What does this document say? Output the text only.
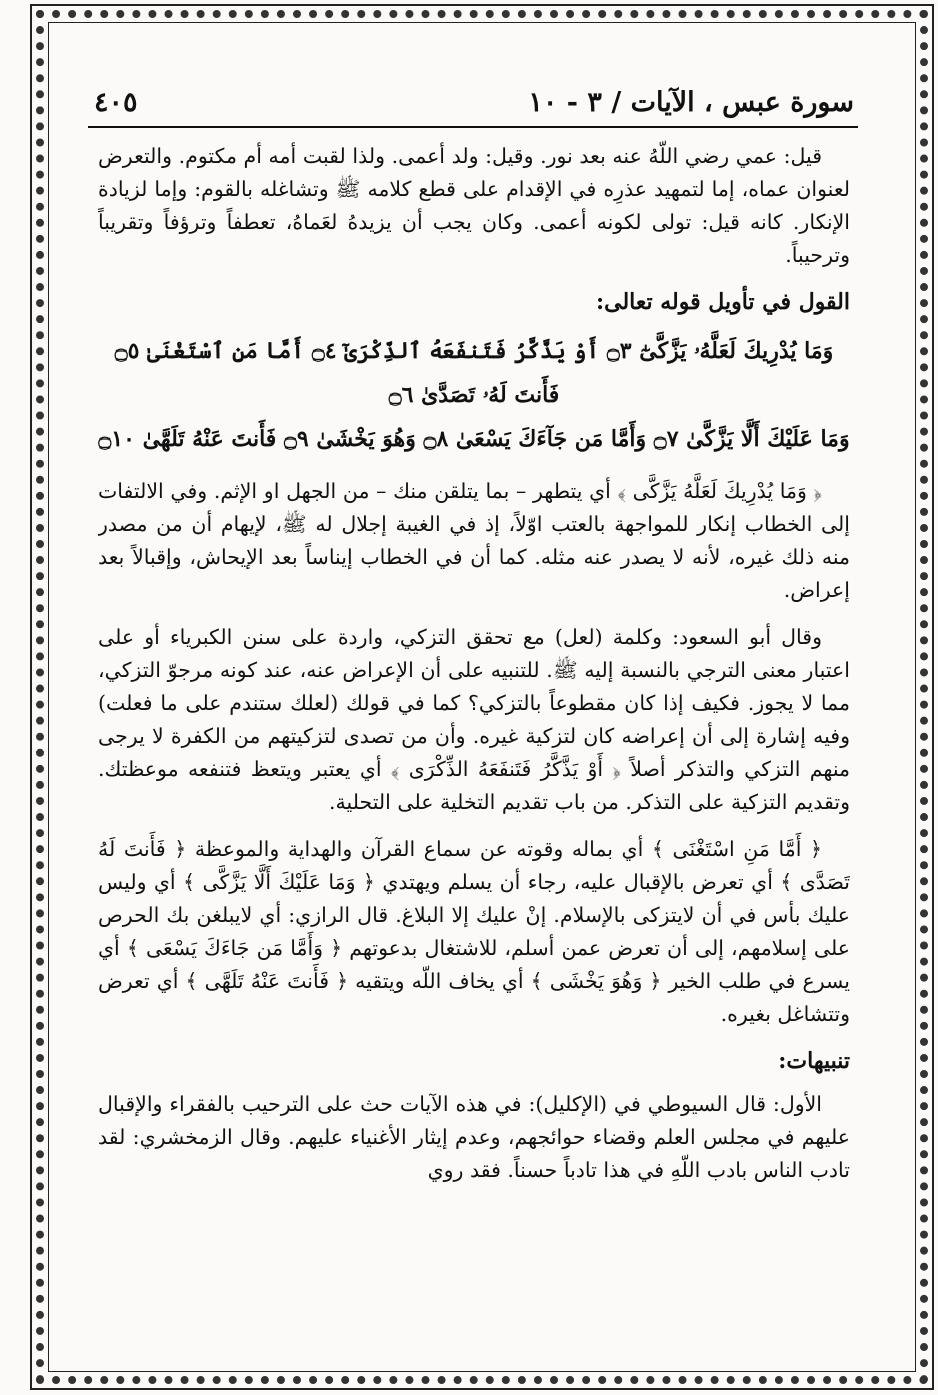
سورة عبس ، الآيات / ٣ - ١٠
٤٠٥

قيل: عمي رضي اللّهُ عنه بعد نور. وقيل: ولد أعمى. ولذا لقبت أمه أم مكتوم. والتعرض لعنوان عماه، إما لتمهيد عذرِه في الإقدام على قطع كلامه ﷺ وتشاغله بالقوم: وإما لزيادة الإنكار. كانه قيل: تولى لكونه أعمى. وكان يجب أن يزيدهُ لعَماهُ، تعطفاً وترؤفاً وتقريباً وترحيباً.

القول في تأويل قوله تعالى:
وَمَا يُدْرِيكَ لَعَلَّهُۥ يَزَّكَّىٰٓ ۝٣ أَوْ يَذَّكَّرُ فَتَنفَعَهُ ٱلذِّكْرَىٰٓ ۝٤ أَمَّا مَنِ ٱسْتَغْنَىٰ ۝٥ فَأَنتَ لَهُۥ تَصَدَّىٰ ۝٦
وَمَا عَلَيْكَ أَلَّا يَزَّكَّىٰ ۝٧ وَأَمَّا مَن جَآءَكَ يَسْعَىٰ ۝٨ وَهُوَ يَخْشَىٰ ۝٩ فَأَنتَ عَنْهُ تَلَهَّىٰ ۝١٠

﴿ وَمَا يُدْرِيكَ لَعَلَّهُ يَزَّكَّى ﴾ أي يتطهر – بما يتلقن منك – من الجهل او الإثم. وفي الالتفات إلى الخطاب إنكار للمواجهة بالعتب اوّلاً، إذ في الغيبة إجلال له ﷺ، لإيهام أن من مصدر منه ذلك غيره، لأنه لا يصدر عنه مثله. كما أن في الخطاب إيناساً بعد الإيحاش، وإقبالاً بعد إعراض.

وقال أبو السعود: وكلمة (لعل) مع تحقق التزكي، واردة على سنن الكبرياء أو على اعتبار معنى الترجي بالنسبة إليه ﷺ. للتنبيه على أن الإعراض عنه، عند كونه مرجوّ التزكي، مما لا يجوز. فكيف إذا كان مقطوعاً بالتزكي؟ كما في قولك (لعلك ستندم على ما فعلت) وفيه إشارة إلى أن إعراضه كان لتزكية غيره. وأن من تصدى لتزكيتهم من الكفرة لا يرجى منهم التزكي والتذكر أصلاً ﴿ أَوْ يَذَّكَّرُ فَتَنفَعَهُ الذِّكْرَى ﴾ أي يعتبر ويتعظ فتنفعه موعظتك. وتقديم التزكية على التذكر. من باب تقديم التخلية على التحلية.

﴿ أَمَّا مَنِ اسْتَغْنَى ﴾ أي بماله وقوته عن سماع القرآن والهداية والموعظة ﴿ فَأَنتَ لَهُ تَصَدَّى ﴾ أي تعرض بالإقبال عليه، رجاء أن يسلم ويهتدي ﴿ وَمَا عَلَيْكَ أَلَّا يَزَّكَّى ﴾ أي وليس عليك بأس في أن لايتزكى بالإسلام. إنْ عليك إلا البلاغ. قال الرازي: أي لايبلغن بك الحرص على إسلامهم، إلى أن تعرض عمن أسلم، للاشتغال بدعوتهم ﴿ وَأَمَّا مَن جَاءَكَ يَسْعَى ﴾ أي يسرع في طلب الخير ﴿ وَهُوَ يَخْشَى ﴾ أي يخاف اللّه ويتقيه ﴿ فَأَنتَ عَنْهُ تَلَهَّى ﴾ أي تعرض وتتشاغل بغيره.

تنبيهات:

الأول: قال السيوطي في (الإكليل): في هذه الآيات حث على الترحيب بالفقراء والإقبال عليهم في مجلس العلم وقضاء حوائجهم، وعدم إيثار الأغنياء عليهم. وقال الزمخشري: لقد تادب الناس بادب اللّهِ في هذا تادباً حسناً. فقد روي
